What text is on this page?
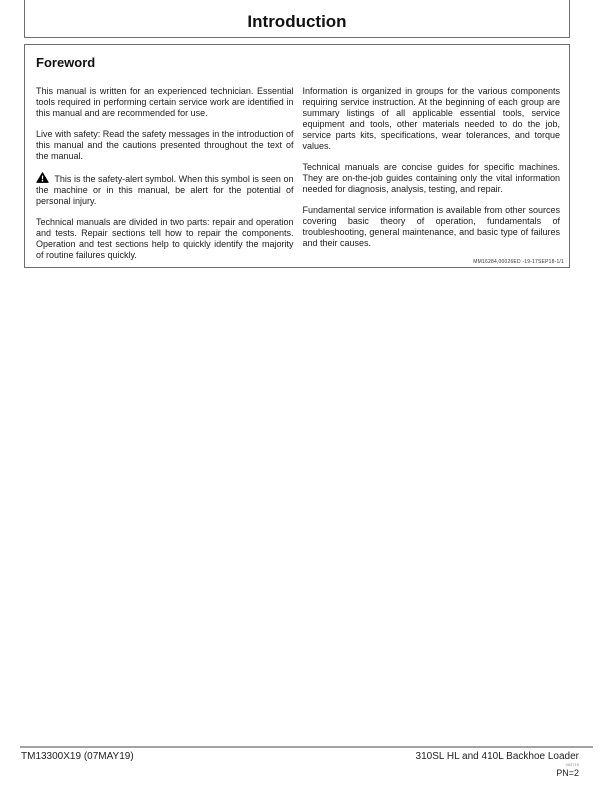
Introduction
Foreword

This manual is written for an experienced technician. Essential tools required in performing certain service work are identified in this manual and are recommended for use.

Live with safety: Read the safety messages in the introduction of this manual and the cautions presented throughout the text of the manual.

This is the safety-alert symbol. When this symbol is seen on the machine or in this manual, be alert for the potential of personal injury.

Technical manuals are divided in two parts: repair and operation and tests. Repair sections tell how to repair the components. Operation and test sections help to quickly identify the majority of routine failures quickly.

Information is organized in groups for the various components requiring service instruction. At the beginning of each group are summary listings of all applicable essential tools, service equipment and tools, other materials needed to do the job, service parts kits, specifications, wear tolerances, and torque values.

Technical manuals are concise guides for specific machines. They are on-the-job guides containing only the vital information needed for diagnosis, analysis, testing, and repair.

Fundamental service information is available from other sources covering basic theory of operation, fundamentals of troubleshooting, general maintenance, and basic type of failures and their causes.

MM16284,00026ED -19-17SEP18-1/1
TM13300X19 (07MAY19)	310SL HL and 410L Backhoe Loader
082719
PN=2
